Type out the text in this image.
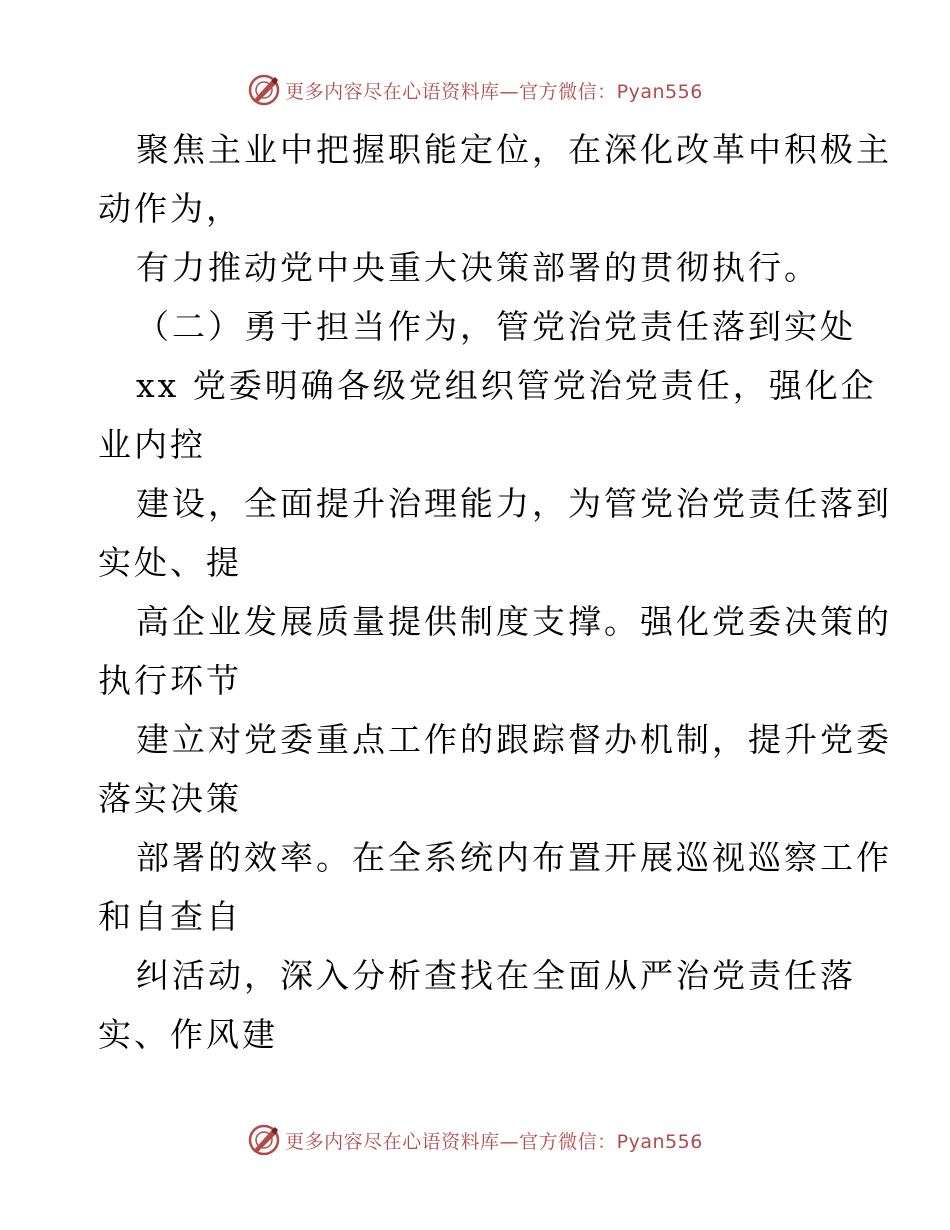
更多内容尽在心语资料库—官方微信：Pyan556
聚焦主业中把握职能定位，在深化改革中积极主
动作为，
有力推动党中央重大决策部署的贯彻执行。
（二）勇于担当作为，管党治党责任落到实处
xx 党委明确各级党组织管党治党责任，强化企
业内控
建设，全面提升治理能力，为管党治党责任落到
实处、提
高企业发展质量提供制度支撑。强化党委决策的
执行环节
建立对党委重点工作的跟踪督办机制，提升党委
落实决策
部署的效率。在全系统内布置开展巡视巡察工作
和自查自
纠活动，深入分析查找在全面从严治党责任落
实、作风建
更多内容尽在心语资料库—官方微信：Pyan556
